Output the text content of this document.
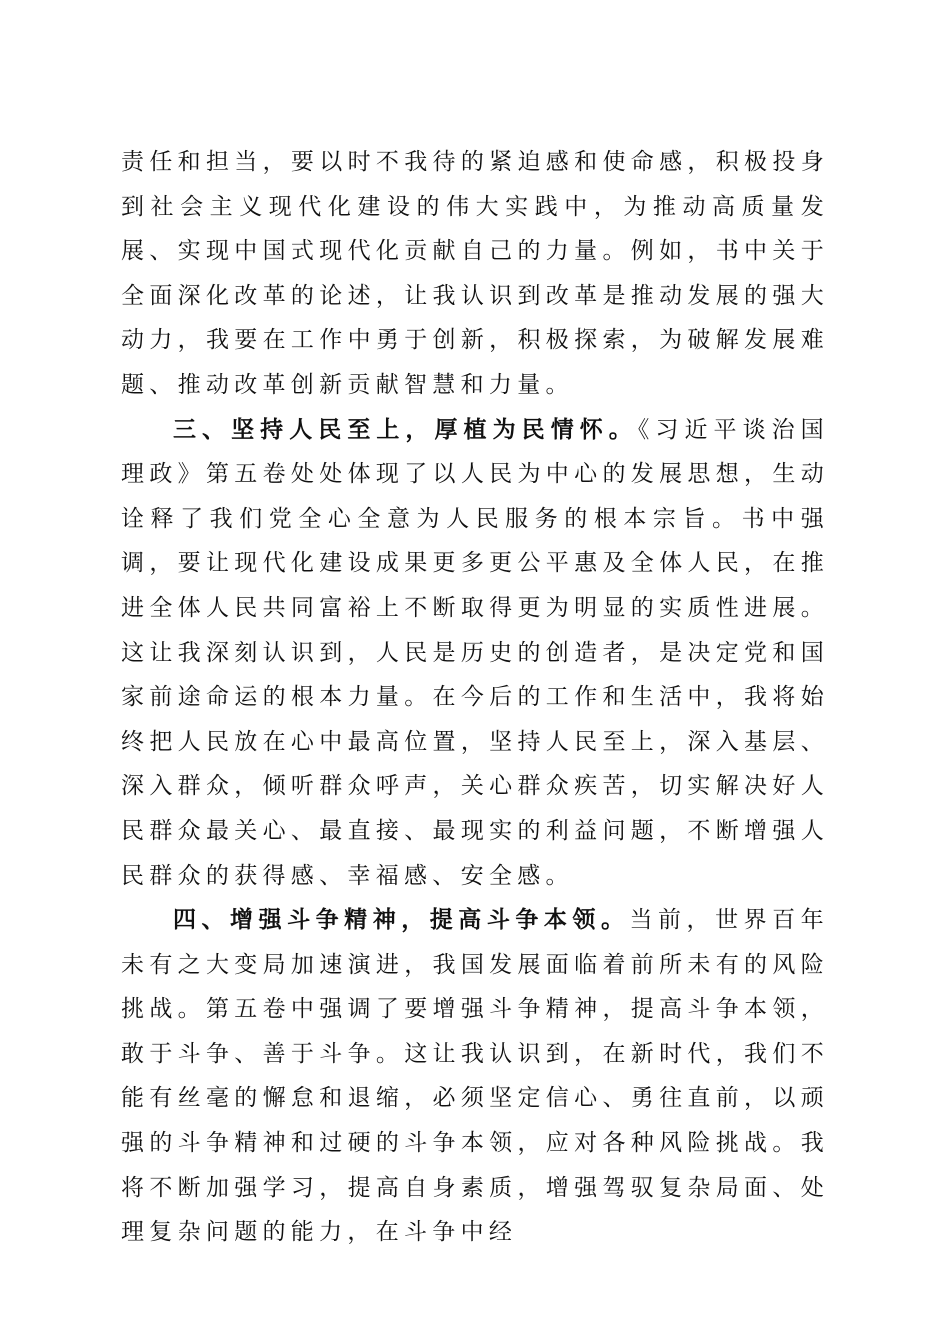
责任和担当，要以时不我待的紧迫感和使命感，积极投身到社会主义现代化建设的伟大实践中，为推动高质量发展、实现中国式现代化贡献自己的力量。例如，书中关于全面深化改革的论述，让我认识到改革是推动发展的强大动力，我要在工作中勇于创新，积极探索，为破解发展难题、推动改革创新贡献智慧和力量。

三、坚持人民至上，厚植为民情怀。《习近平谈治国理政》第五卷处处体现了以人民为中心的发展思想，生动诠释了我们党全心全意为人民服务的根本宗旨。书中强调，要让现代化建设成果更多更公平惠及全体人民，在推进全体人民共同富裕上不断取得更为明显的实质性进展。这让我深刻认识到，人民是历史的创造者，是决定党和国家前途命运的根本力量。在今后的工作和生活中，我将始终把人民放在心中最高位置，坚持人民至上，深入基层、深入群众，倾听群众呼声，关心群众疾苦，切实解决好人民群众最关心、最直接、最现实的利益问题，不断增强人民群众的获得感、幸福感、安全感。

四、增强斗争精神，提高斗争本领。当前，世界百年未有之大变局加速演进，我国发展面临着前所未有的风险挑战。第五卷中强调了要增强斗争精神，提高斗争本领，敢于斗争、善于斗争。这让我认识到，在新时代，我们不能有丝毫的懈怠和退缩，必须坚定信心、勇往直前，以顽强的斗争精神和过硬的斗争本领，应对各种风险挑战。我将不断加强学习，提高自身素质，增强驾驭复杂局面、处理复杂问题的能力，在斗争中经
